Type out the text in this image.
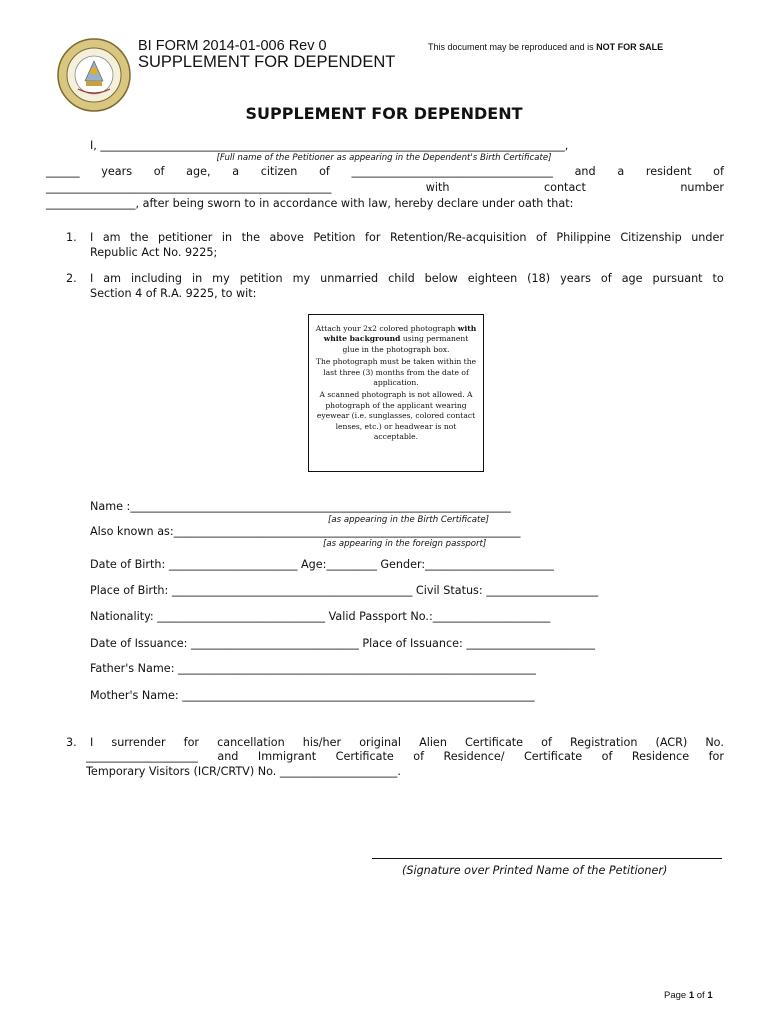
BI FORM 2014-01-006 Rev 0
SUPPLEMENT FOR DEPENDENT
This document may be reproduced and is NOT FOR SALE
SUPPLEMENT FOR DEPENDENT
I, ___________________________________________________________________________________,
[Full name of the Petitioner as appearing in the Dependent's Birth Certificate]
______ years of age, a citizen of ____________________________________ and a resident of
___________________________________________________	with	contact	number
________________, after being sworn to in accordance with law, hereby declare under oath that:
1. I am the petitioner in the above Petition for Retention/Re-acquisition of Philippine Citizenship under
Republic Act No. 9225;
2. I am including in my petition my unmarried child below eighteen (18) years of age pursuant to
Section 4 of R.A. 9225, to wit:

Attach your 2x2 colored photograph with white background using permanent glue in the photograph box.

The photograph must be taken within the last three (3) months from the date of application.

A scanned photograph is not allowed. A photograph of the applicant wearing eyewear (i.e. sunglasses, colored contact lenses, etc.) or headwear is not acceptable.

Name :____________________________________________________________________
[as appearing in the Birth Certificate]
Also known as:______________________________________________________________
[as appearing in the foreign passport]
Date of Birth: _______________________ Age:_________ Gender:_______________________
Place of Birth: ___________________________________________ Civil Status: ____________________
Nationality: ______________________________ Valid Passport No.:_____________________
Date of Issuance: ______________________________ Place of Issuance: _______________________
Father's Name: ________________________________________________________________
Mother's Name: _______________________________________________________________
3. I surrender for cancellation his/her original Alien Certificate of Registration (ACR) No.
____________________ and Immigrant Certificate of Residence/ Certificate of Residence for
Temporary Visitors (ICR/CRTV) No. _____________________.
(Signature over Printed Name of the Petitioner)
Page 1 of 1
